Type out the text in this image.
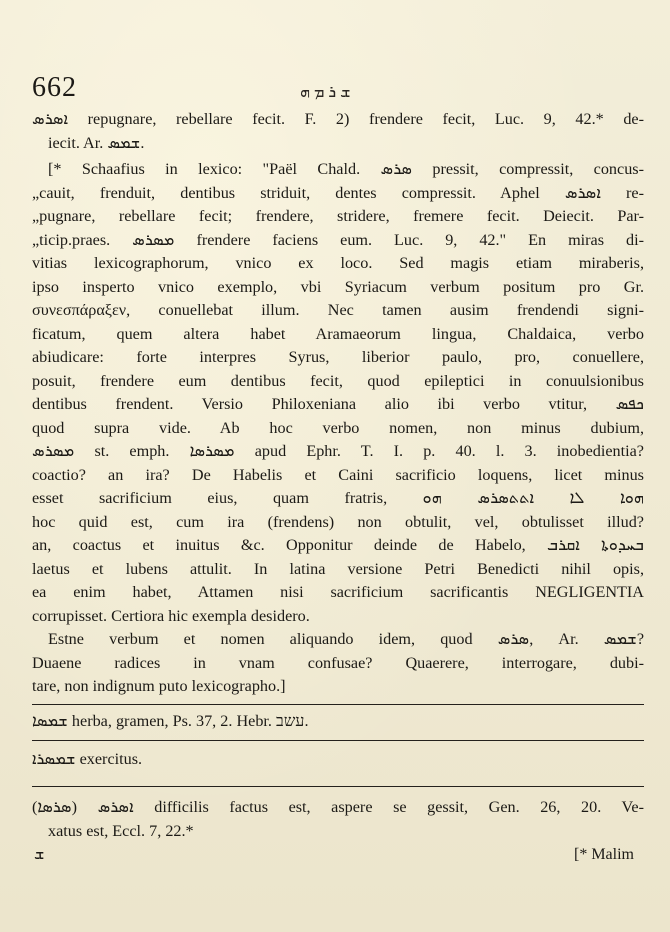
662	ܫ ܪ ܡ ܗ
ܐܣܪܣ repugnare, rebellare fecit. F. 2) frendere fecit, Luc. 9, 42.* de-
iecit. Ar. ܫܡܣ.
[* Schaafius in lexico: "Paël Chald. ܣܪܣ pressit, compressit, concus-
„cauit, frenduit, dentibus striduit, dentes compressit. Aphel ܐܣܪܣ re-
„pugnare, rebellare fecit; frendere, stridere, fremere fecit. Deiecit. Par-
„ticip.praes. ܡܣܪܣ frendere faciens eum. Luc. 9, 42." En miras di-
vitias lexicographorum, vnico ex loco. Sed magis etiam miraberis,
ipso insperto vnico exemplo, vbi Syriacum verbum positum pro Gr.
συνεσπάραξεν, conuellebat illum. Nec tamen ausim frendendi signi-
ficatum, quem altera habet Aramaeorum lingua, Chaldaica, verbo
abiudicare: forte interpres Syrus, liberior paulo, pro, conuellere,
posuit, frendere eum dentibus fecit, quod epileptici in conuulsionibus
dentibus frendent. Versio Philoxeniana alio ibi verbo vtitur, ܟܦܣ
quod supra vide. Ab hoc verbo nomen, non minus dubium,
ܡܣܪܣ st. emph. ܡܣܪܣܐ apud Ephr. T. I. p. 40. l. 3. inobedientia?
coactio? an ira? De Habelis et Caini sacrificio loquens, licet minus
esset sacrificium eius, quam fratris, ܗܘܐ ܠܐ ܐܬܬܣܪܣ ܗܘ
hoc quid est, cum ira (frendens) non obtulit, vel, obtulisset illud?
an, coactus et inuitus &c. Opponitur deinde de Habelo, ܒܚܕܘܬܐ ܐܩܪܒ
laetus et lubens attulit. In latina versione Petri Benedicti nihil opis,
ea enim habet, Attamen nisi sacrificium sacrificantis NEGLIGENTIA
corrupisset. Certiora hic exempla desidero.
Estne verbum et nomen aliquando idem, quod ܣܪܣ, Ar. ܫܡܣ?
Duaene radices in vnam confusae? Quaerere, interrogare, dubi-
tare, non indignum puto lexicographo.]
ܫܡܣܐ herba, gramen, Ps. 37, 2. Hebr. עשב.
ܫܡܣܪܐ exercitus.
(ܣܪܣܐ) ܐܣܪܣ difficilis factus est, aspere se gessit, Gen. 26, 20. Ve-
xatus est, Eccl. 7, 22.*
ܫ	[* Malim
